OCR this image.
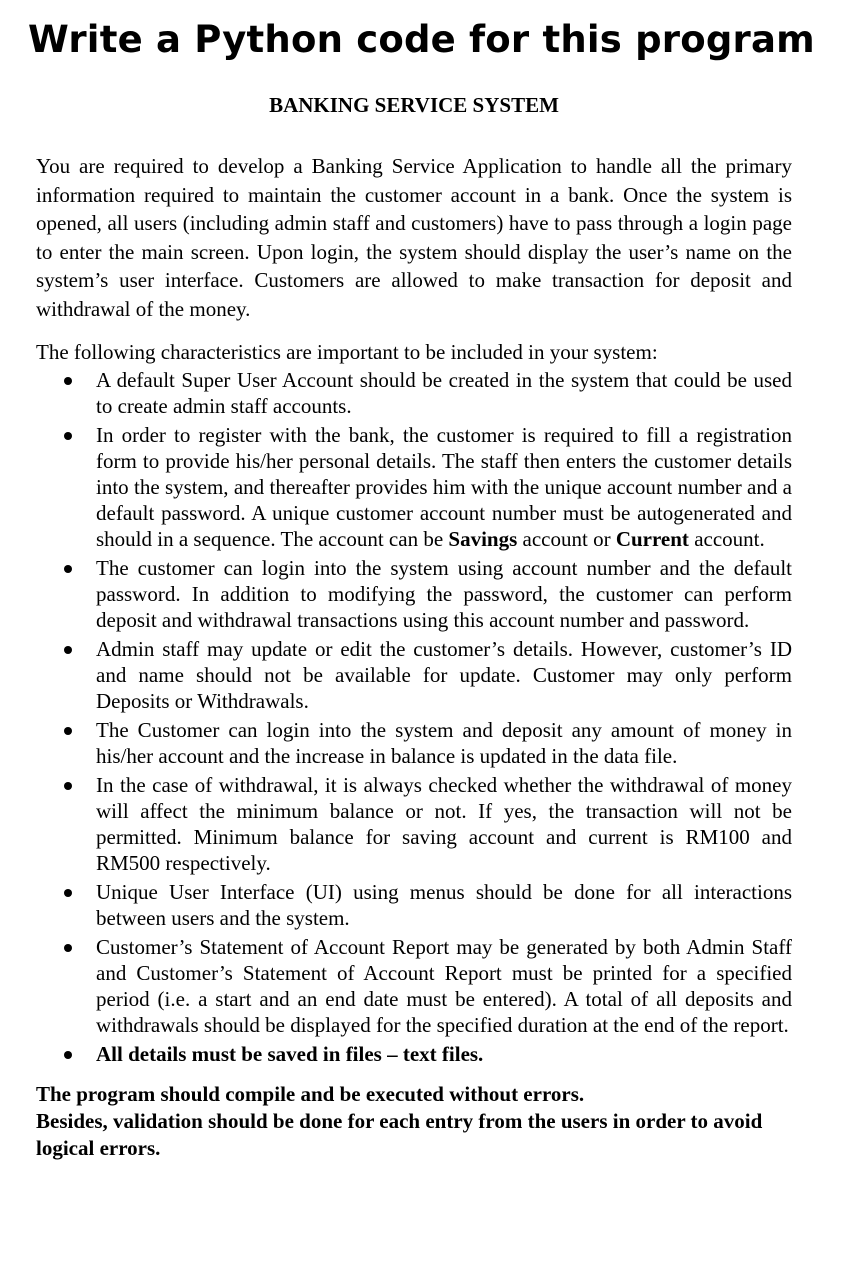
Write a Python code for this program
BANKING SERVICE SYSTEM

You are required to develop a Banking Service Application to handle all the primary information required to maintain the customer account in a bank. Once the system is opened, all users (including admin staff and customers) have to pass through a login page to enter the main screen. Upon login, the system should display the user’s name on the system’s user interface. Customers are allowed to make transaction for deposit and withdrawal of the money.

The following characteristics are important to be included in your system:

A default Super User Account should be created in the system that could be used to create admin staff accounts.
In order to register with the bank, the customer is required to fill a registration form to provide his/her personal details. The staff then enters the customer details into the system, and thereafter provides him with the unique account number and a default password. A unique customer account number must be autogenerated and should in a sequence. The account can be Savings account or Current account.
The customer can login into the system using account number and the default password. In addition to modifying the password, the customer can perform deposit and withdrawal transactions using this account number and password.
Admin staff may update or edit the customer’s details. However, customer’s ID and name should not be available for update. Customer may only perform Deposits or Withdrawals.
The Customer can login into the system and deposit any amount of money in his/her account and the increase in balance is updated in the data file.
In the case of withdrawal, it is always checked whether the withdrawal of money will affect the minimum balance or not. If yes, the transaction will not be permitted. Minimum balance for saving account and current is RM100 and RM500 respectively.
Unique User Interface (UI) using menus should be done for all interactions between users and the system.
Customer’s Statement of Account Report may be generated by both Admin Staff and Customer’s Statement of Account Report must be printed for a specified period (i.e. a start and an end date must be entered). A total of all deposits and withdrawals should be displayed for the specified duration at the end of the report.
All details must be saved in files – text files.

The program should compile and be executed without errors.

Besides, validation should be done for each entry from the users in order to avoid logical errors.
